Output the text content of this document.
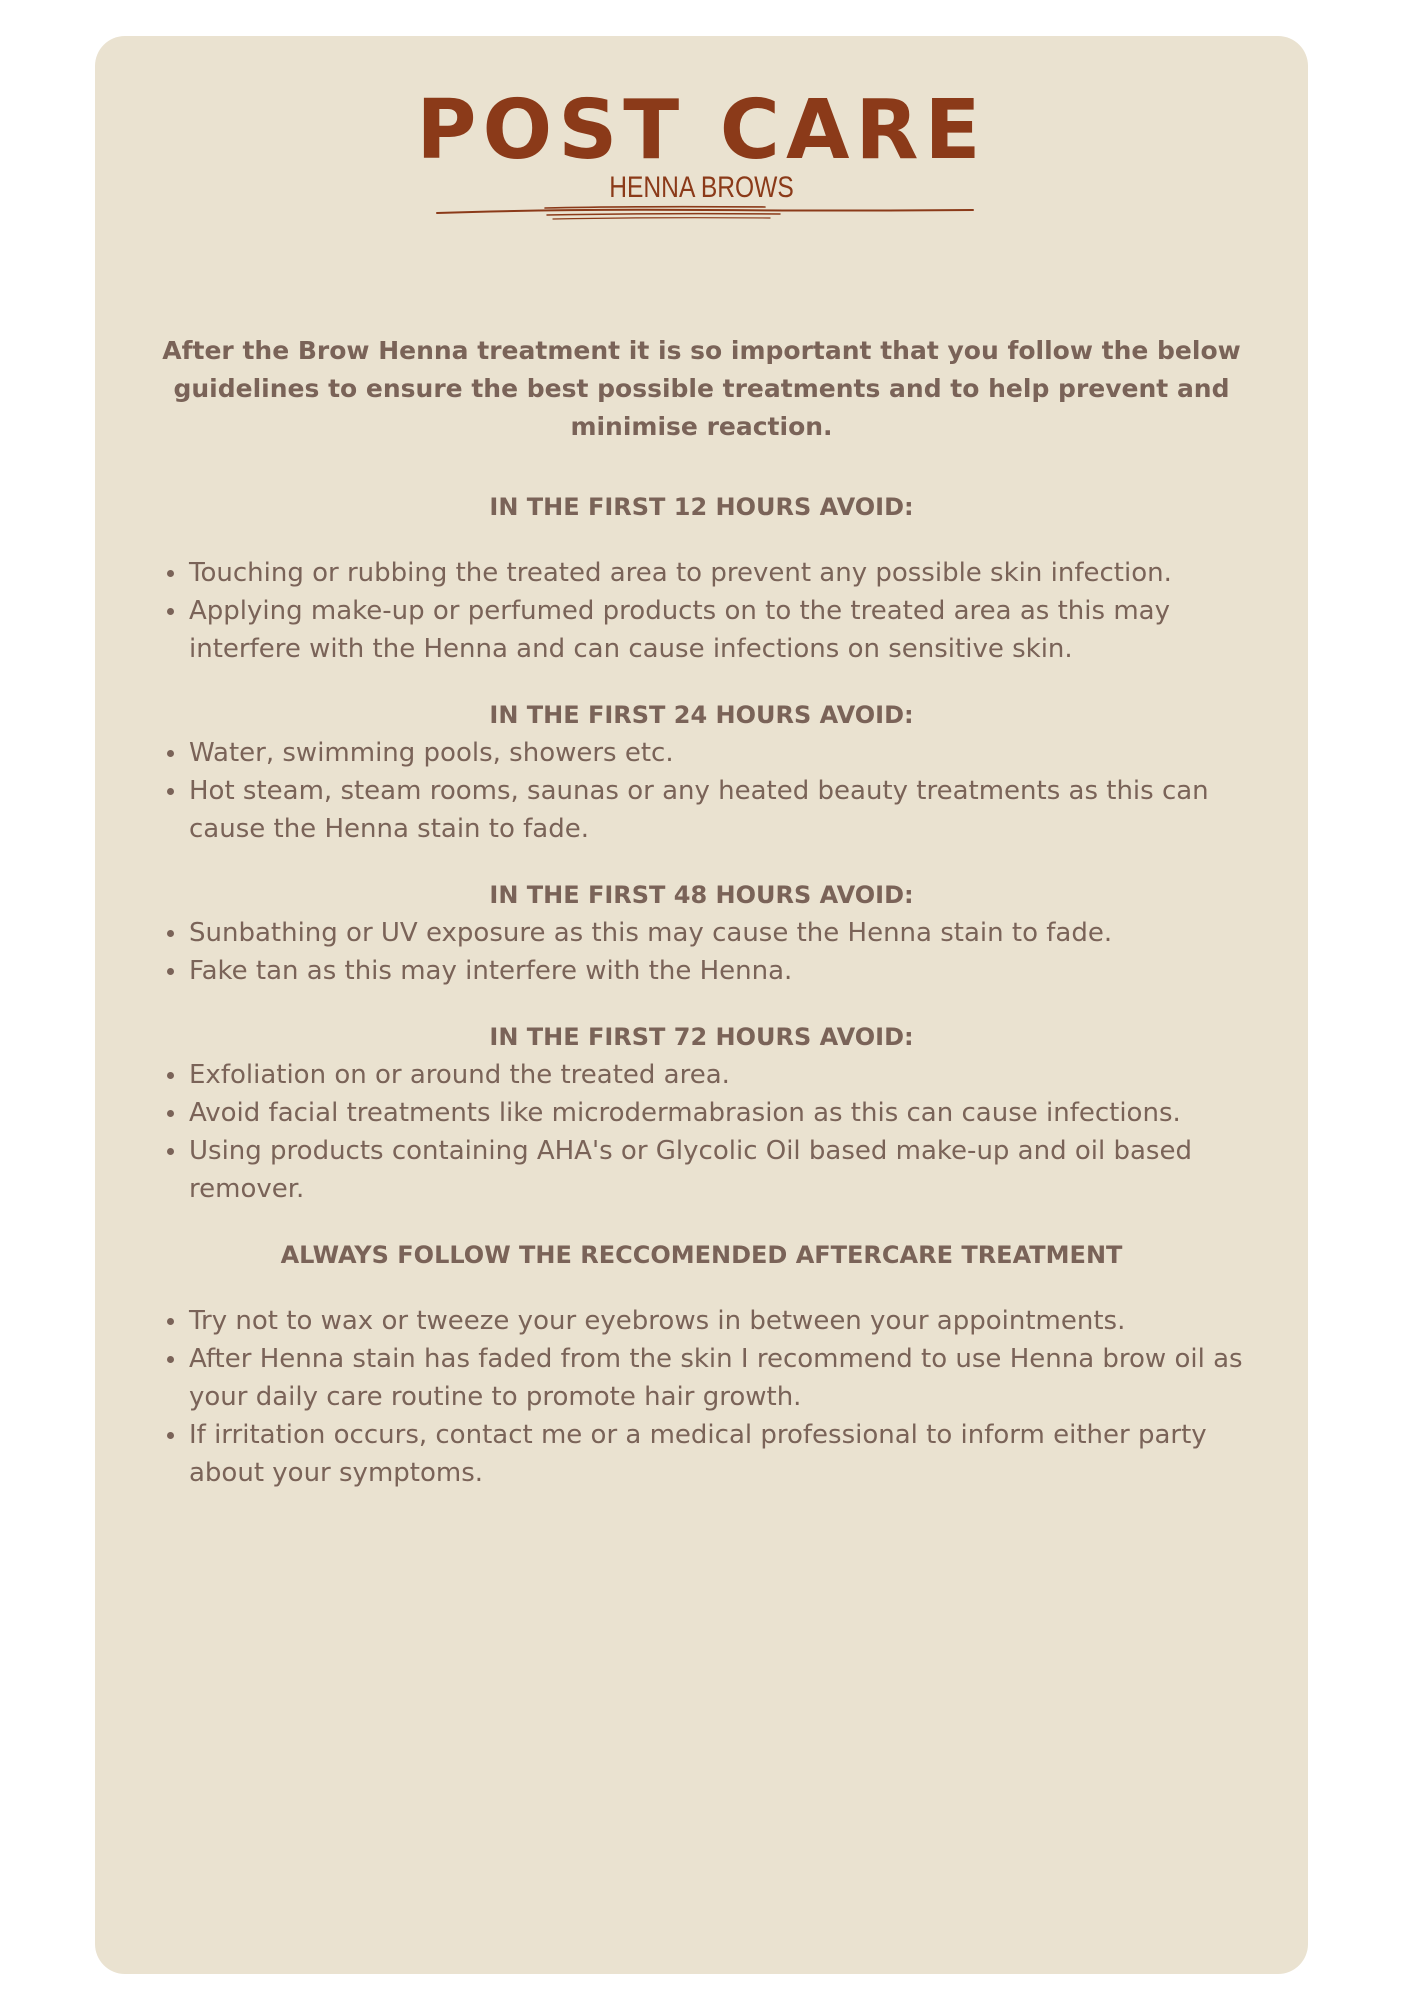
POST CARE
HENNA BROWS

After the Brow Henna treatment it is so important that you follow the below guidelines to ensure the best possible treatments and to help prevent and minimise reaction.

IN THE FIRST 12 HOURS AVOID:
Touching or rubbing the treated area to prevent any possible skin infection.
Applying make-up or perfumed products on to the treated area as this may interfere with the Henna and can cause infections on sensitive skin.
IN THE FIRST 24 HOURS AVOID:
Water, swimming pools, showers etc.
Hot steam, steam rooms, saunas or any heated beauty treatments as this can cause the Henna stain to fade.
IN THE FIRST 48 HOURS AVOID:
Sunbathing or UV exposure as this may cause the Henna stain to fade.
Fake tan as this may interfere with the Henna.
IN THE FIRST 72 HOURS AVOID:
Exfoliation on or around the treated area.
Avoid facial treatments like microdermabrasion as this can cause infections.
Using products containing AHA's or Glycolic Oil based make-up and oil based remover.
ALWAYS FOLLOW THE RECCOMENDED AFTERCARE TREATMENT
Try not to wax or tweeze your eyebrows in between your appointments.
After Henna stain has faded from the skin I recommend to use Henna brow oil as your daily care routine to promote hair growth.
If irritation occurs, contact me or a medical professional to inform either party about your symptoms.
